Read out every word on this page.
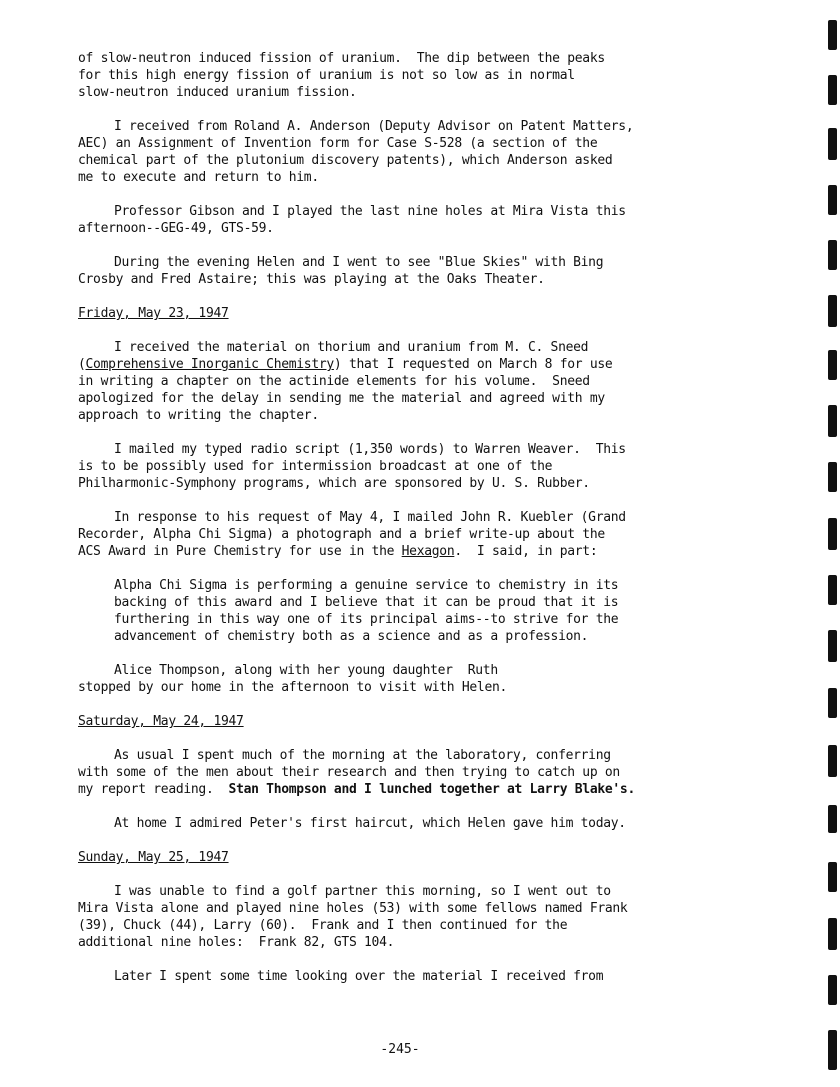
of slow-neutron induced fission of uranium.  The dip between the peaks
for this high energy fission of uranium is not so low as in normal
slow-neutron induced uranium fission.

I received from Roland A. Anderson (Deputy Advisor on Patent Matters,
AEC) an Assignment of Invention form for Case S-528 (a section of the
chemical part of the plutonium discovery patents), which Anderson asked
me to execute and return to him.

Professor Gibson and I played the last nine holes at Mira Vista this
afternoon--GEG-49, GTS-59.

During the evening Helen and I went to see "Blue Skies" with Bing
Crosby and Fred Astaire; this was playing at the Oaks Theater.

Friday, May 23, 1947

I received the material on thorium and uranium from M. C. Sneed
(Comprehensive Inorganic Chemistry) that I requested on March 8 for use
in writing a chapter on the actinide elements for his volume.  Sneed
apologized for the delay in sending me the material and agreed with my
approach to writing the chapter.

I mailed my typed radio script (1,350 words) to Warren Weaver.  This
is to be possibly used for intermission broadcast at one of the
Philharmonic-Symphony programs, which are sponsored by U. S. Rubber.

In response to his request of May 4, I mailed John R. Kuebler (Grand
Recorder, Alpha Chi Sigma) a photograph and a brief write-up about the
ACS Award in Pure Chemistry for use in the Hexagon.  I said, in part:

Alpha Chi Sigma is performing a genuine service to chemistry in its
backing of this award and I believe that it can be proud that it is
furthering in this way one of its principal aims--to strive for the
advancement of chemistry both as a science and as a profession.

Alice Thompson, along with her young daughter  Ruth
stopped by our home in the afternoon to visit with Helen.

Saturday, May 24, 1947

As usual I spent much of the morning at the laboratory, conferring
with some of the men about their research and then trying to catch up on
my report reading.  Stan Thompson and I lunched together at Larry Blake's.

At home I admired Peter's first haircut, which Helen gave him today.

Sunday, May 25, 1947

I was unable to find a golf partner this morning, so I went out to
Mira Vista alone and played nine holes (53) with some fellows named Frank
(39), Chuck (44), Larry (60).  Frank and I then continued for the
additional nine holes:  Frank 82, GTS 104.

Later I spent some time looking over the material I received from

-245-
